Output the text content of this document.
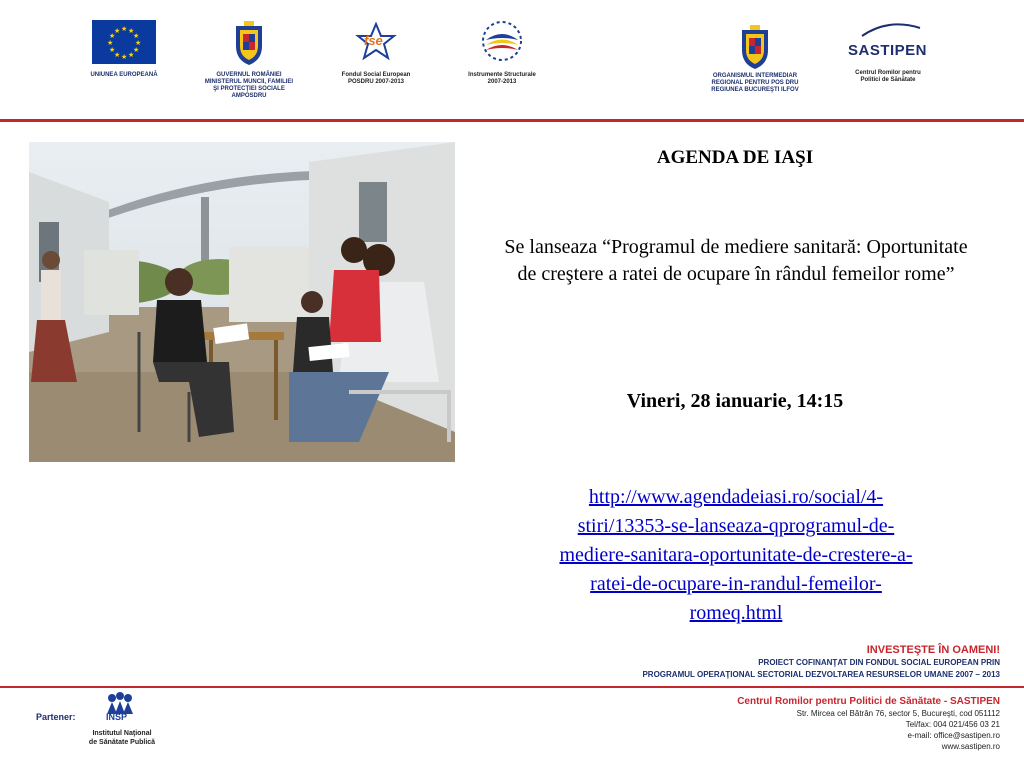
★ ★
★
★
★
★
★
★
★
★
★
★
UNIUNEA EUROPEANĂ	GUVERNUL ROMÂNIEI
MINISTERUL MUNCII, FAMILIEI
ŞI PROTECŢIEI SOCIALE
AMPOSDRU
fse
Fondul Social European
POSDRU 2007-2013
Instrumente Structurale
2007-2013
ORGANISMUL INTERMEDIAR
REGIONAL PENTRU POS DRU
REGIUNEA BUCUREŞTI ILFOV
SASTIPEN
Centrul Romilor pentru
Politici de Sănătate
AGENDA DE IAŞI
Se lanseaza “Programul de mediere sanitară: Oportunitate de creştere a ratei de ocupare în rândul femeilor rome”
Vineri, 28 ianuarie, 14:15
http://www.agendadeiasi.ro/social/4-
stiri/13353-se-lanseaza-qprogramul-de-
mediere-sanitara-oportunitate-de-crestere-a-
ratei-de-ocupare-in-randul-femeilor-
romeq.html
INVESTEŞTE ÎN OAMENI!
PROIECT COFINANŢAT DIN FONDUL SOCIAL EUROPEAN PRIN
PROGRAMUL OPERAŢIONAL SECTORIAL DEZVOLTAREA RESURSELOR UMANE 2007 – 2013
Partener:	INSP
Institutul Naţional
de Sănătate Publică
Centrul Romilor pentru Politici de Sănătate - SASTIPEN
Str. Mircea cel Bătrân 76, sector 5, Bucureşti, cod 051112
Tel/fax: 004 021/456 03 21
e-mail: office@sastipen.ro
www.sastipen.ro
